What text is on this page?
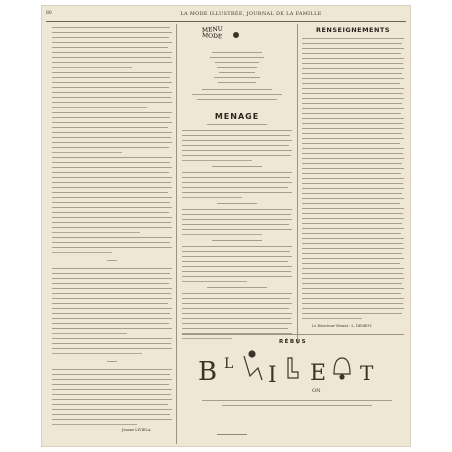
80	LA MODE ILLUSTRÉE, JOURNAL DE LA FAMILLE
Jeanne LIVIELA.
MENU
MODE
MENAGE
RENSEIGNEMENTS
Le Directeur-Gérant : L. DESROY.
RÉBUS
B L I E T
ON
